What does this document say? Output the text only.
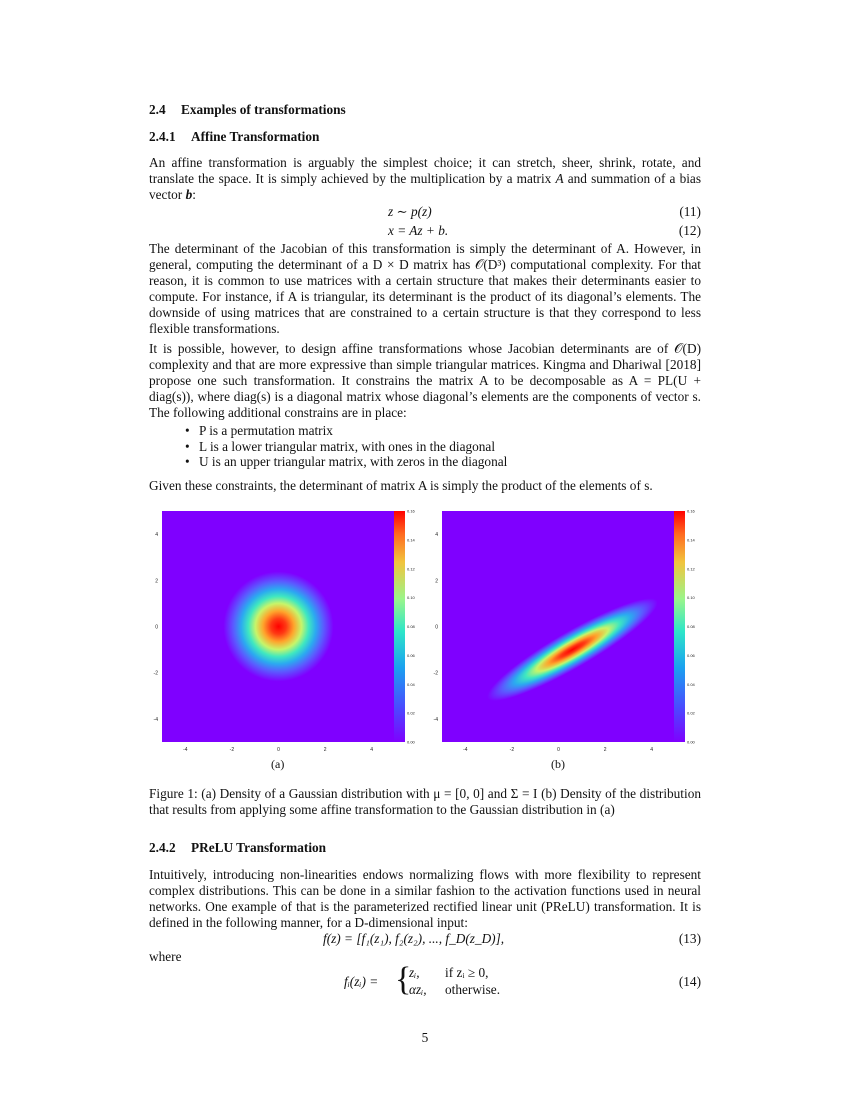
2.4 Examples of transformations
2.4.1 Affine Transformation

An affine transformation is arguably the simplest choice; it can stretch, sheer, shrink, rotate, and translate the space. It is simply achieved by the multiplication by a matrix A and summation of a bias vector b:

z ∼ p(z)	(11)
x = Az + b.	(12)

The determinant of the Jacobian of this transformation is simply the determinant of A. However, in general, computing the determinant of a D × D matrix has 𝒪(D³) computational complexity. For that reason, it is common to use matrices with a certain structure that makes their determinants easier to compute. For instance, if A is triangular, its determinant is the product of its diagonal’s elements. The downside of using matrices that are constrained to a certain structure is that they correspond to less flexible transformations.

It is possible, however, to design affine transformations whose Jacobian determinants are of 𝒪(D) complexity and that are more expressive than simple triangular matrices. Kingma and Dhariwal [2018] propose one such transformation. It constrains the matrix A to be decomposable as A = PL(U + diag(s)), where diag(s) is a diagonal matrix whose diagonal’s elements are the components of vector s. The following additional constrains are in place:

• P is a permutation matrix
• L is a lower triangular matrix, with ones in the diagonal
• U is an upper triangular matrix, with zeros in the diagonal

Given these constraints, the determinant of matrix A is simply the product of the elements of s.

-4	-2	0	2	4
4
2
0
-2
-4
0.16
0.14
0.12
0.10
0.08
0.06
0.04
0.02
0.00
-4	-2	0	2	4
4
2
0
-2
-4
0.16
0.14
0.12
0.10
0.08
0.06
0.04
0.02
0.00
(a)	(b)

Figure 1: (a) Density of a Gaussian distribution with μ = [0, 0] and Σ = I (b) Density of the distribution that results from applying some affine transformation to the Gaussian distribution in (a)

2.4.2 PReLU Transformation

Intuitively, introducing non-linearities endows normalizing flows with more flexibility to represent complex distributions. This can be done in a similar fashion to the activation functions used in neural networks. One example of that is the parameterized rectified linear unit (PReLU) transformation. It is defined in the following manner, for a D-dimensional input:

f(z) = [f₁(z₁), f₂(z₂), ..., f_D(z_D)],	(13)
where
fᵢ(zᵢ) = {
zᵢ, if zᵢ ≥ 0,
αzᵢ, otherwise.
(14)
5
